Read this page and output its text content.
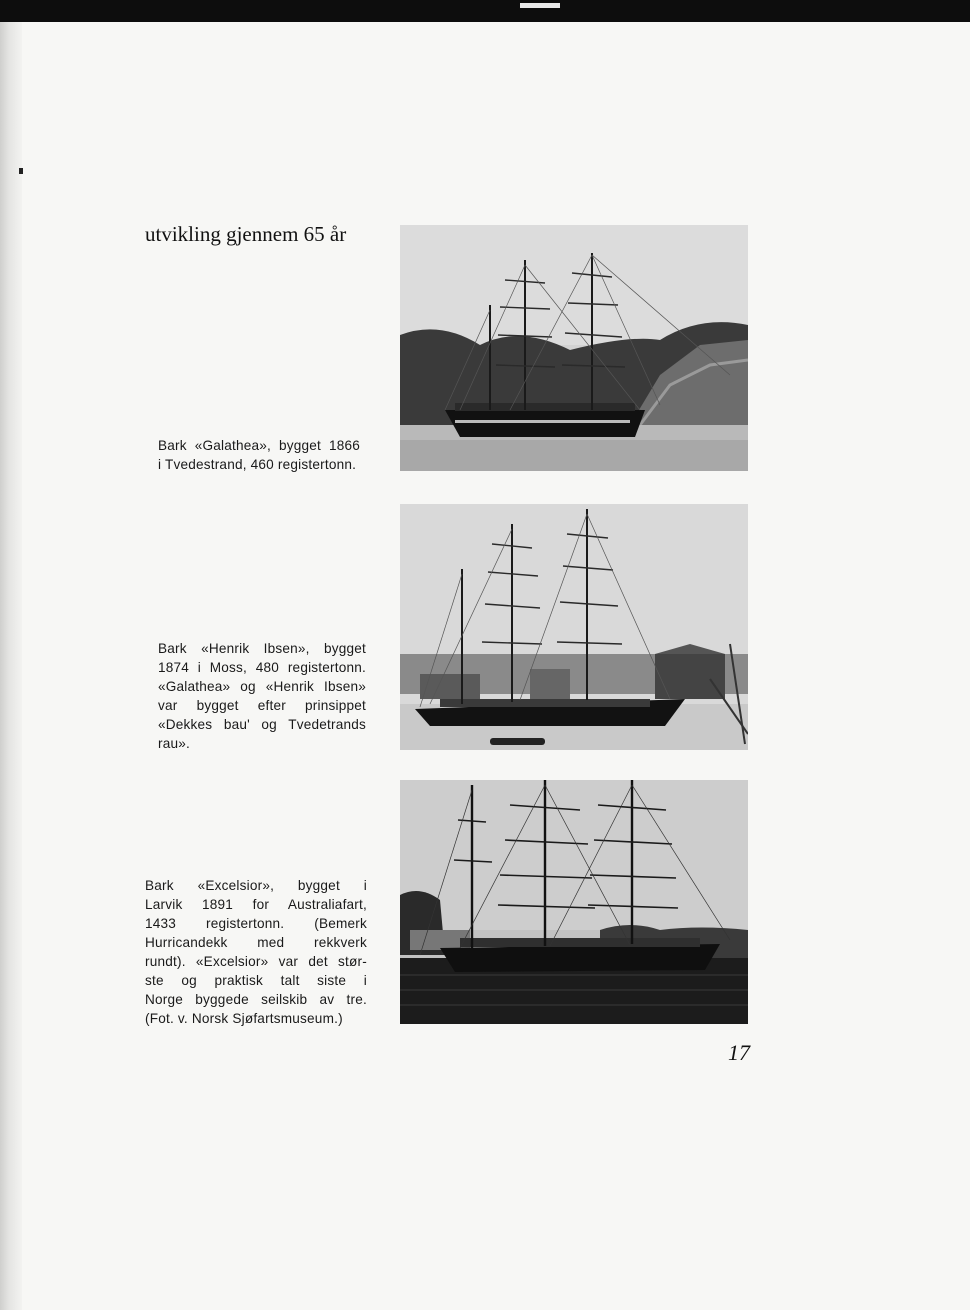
utvikling gjennem 65 år
Bark «Galathea», bygget 1866
i Tvedestrand, 460 registertonn.
Bark «Henrik Ibsen», bygget
1874 i Moss, 480 registertonn.
«Galathea» og «Henrik Ibsen»
var bygget efter prinsippet
«Dekkes bau' og Tvedetrands
rau».
Bark «Excelsior», bygget i
Larvik 1891 for Australiafart,
1433 registertonn. (Bemerk
Hurricandekk med rekkverk
rundt). «Excelsior» var det stør-
ste og praktisk talt siste i
Norge byggede seilskib av tre.
(Fot. v. Norsk Sjøfartsmuseum.)
17
